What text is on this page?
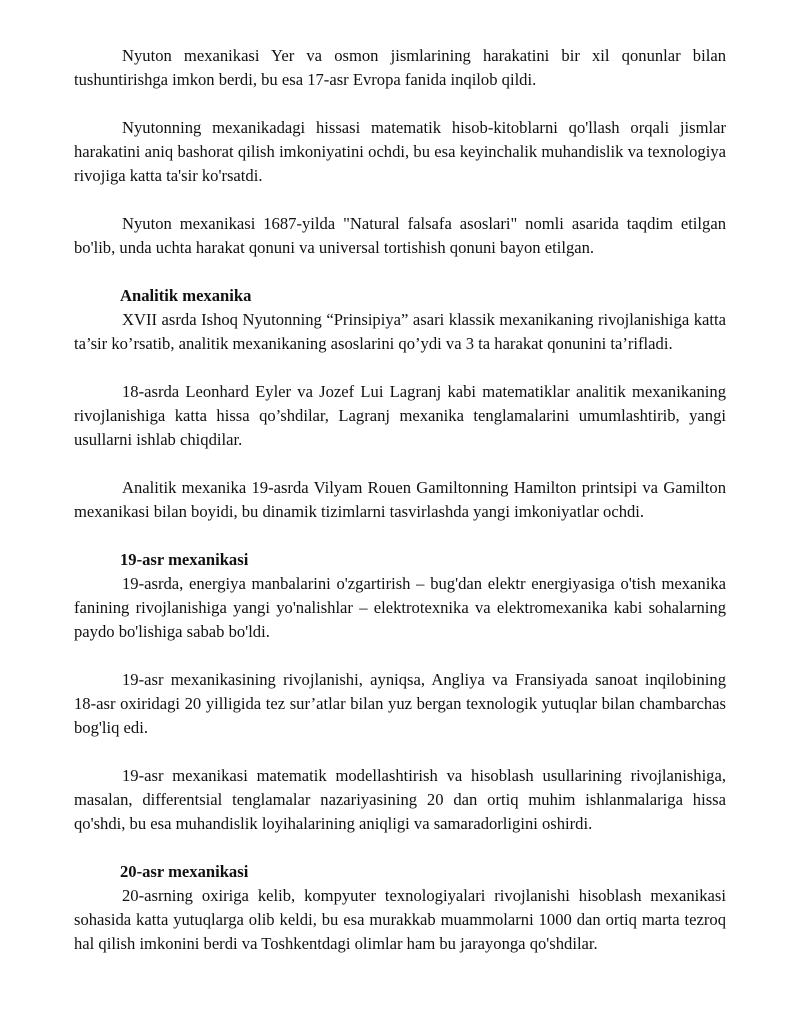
Nyuton mexanikasi Yer va osmon jismlarining harakatini bir xil qonunlar bilan tushuntirishga imkon berdi, bu esa 17-asr Evropa fanida inqilob qildi.

Nyutonning mexanikadagi hissasi matematik hisob-kitoblarni qo'llash orqali jismlar harakatini aniq bashorat qilish imkoniyatini ochdi, bu esa keyinchalik muhandislik va texnologiya rivojiga katta ta'sir ko'rsatdi.

Nyuton mexanikasi 1687-yilda "Natural falsafa asoslari" nomli asarida taqdim etilgan bo'lib, unda uchta harakat qonuni va universal tortishish qonuni bayon etilgan.

Analitik mexanika

XVII asrda Ishoq Nyutonning “Prinsipiya” asari klassik mexanikaning rivojlanishiga katta ta’sir ko’rsatib, analitik mexanikaning asoslarini qo’ydi va 3 ta harakat qonunini ta’rifladi.

18-asrda Leonhard Eyler va Jozef Lui Lagranj kabi matematiklar analitik mexanikaning rivojlanishiga katta hissa qo’shdilar, Lagranj mexanika tenglamalarini umumlashtirib, yangi usullarni ishlab chiqdilar.

Analitik mexanika 19-asrda Vilyam Rouen Gamiltonning Hamilton printsipi va Gamilton mexanikasi bilan boyidi, bu dinamik tizimlarni tasvirlashda yangi imkoniyatlar ochdi.

19-asr mexanikasi

19-asrda, energiya manbalarini o'zgartirish – bug'dan elektr energiyasiga o'tish mexanika fanining rivojlanishiga yangi yo'nalishlar – elektrotexnika va elektromexanika kabi sohalarning paydo bo'lishiga sabab bo'ldi.

19-asr mexanikasining rivojlanishi, ayniqsa, Angliya va Fransiyada sanoat inqilobining 18-asr oxiridagi 20 yilligida tez sur’atlar bilan yuz bergan texnologik yutuqlar bilan chambarchas bog'liq edi.

19-asr mexanikasi matematik modellashtirish va hisoblash usullarining rivojlanishiga, masalan, differentsial tenglamalar nazariyasining 20 dan ortiq muhim ishlanmalariga hissa qo'shdi, bu esa muhandislik loyihalarining aniqligi va samaradorligini oshirdi.

20-asr mexanikasi

20-asrning oxiriga kelib, kompyuter texnologiyalari rivojlanishi hisoblash mexanikasi sohasida katta yutuqlarga olib keldi, bu esa murakkab muammolarni 1000 dan ortiq marta tezroq hal qilish imkonini berdi va Toshkentdagi olimlar ham bu jarayonga qo'shdilar.
